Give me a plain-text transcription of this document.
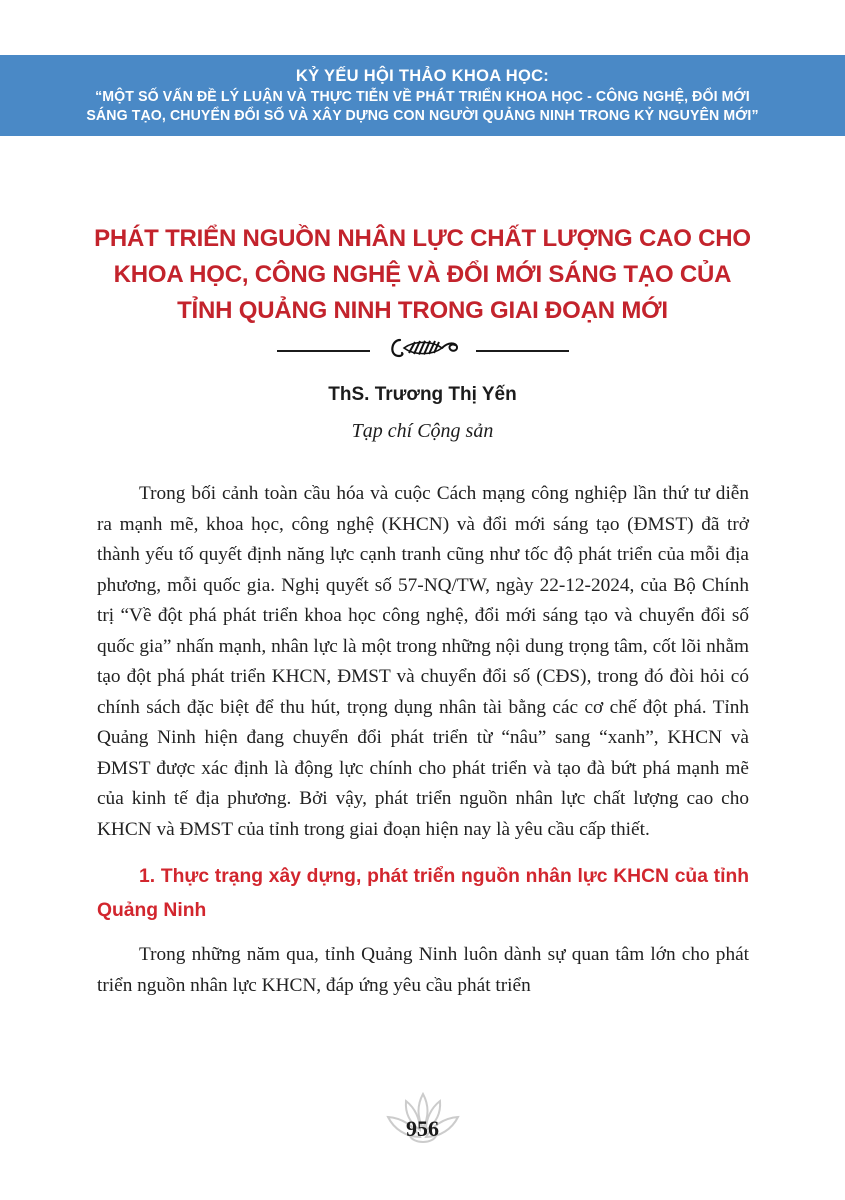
KỶ YẾU HỘI THẢO KHOA HỌC:
“MỘT SỐ VẤN ĐỀ LÝ LUẬN VÀ THỰC TIỄN VỀ PHÁT TRIỂN KHOA HỌC - CÔNG NGHỆ, ĐỔI MỚI
SÁNG TẠO, CHUYỂN ĐỔI SỐ VÀ XÂY DỰNG CON NGƯỜI QUẢNG NINH TRONG KỶ NGUYÊN MỚI”
PHÁT TRIỂN NGUỒN NHÂN LỰC CHẤT LƯỢNG CAO CHO
KHOA HỌC, CÔNG NGHỆ VÀ ĐỔI MỚI SÁNG TẠO CỦA
TỈNH QUẢNG NINH TRONG GIAI ĐOẠN MỚI
ThS. Trương Thị Yến
Tạp chí Cộng sản

Trong bối cảnh toàn cầu hóa và cuộc Cách mạng công nghiệp lần thứ tư diễn ra mạnh mẽ, khoa học, công nghệ (KHCN) và đổi mới sáng tạo (ĐMST) đã trở thành yếu tố quyết định năng lực cạnh tranh cũng như tốc độ phát triển của mỗi địa phương, mỗi quốc gia. Nghị quyết số 57-NQ/TW, ngày 22-12-2024, của Bộ Chính trị “Về đột phá phát triển khoa học công nghệ, đổi mới sáng tạo và chuyển đổi số quốc gia” nhấn mạnh, nhân lực là một trong những nội dung trọng tâm, cốt lõi nhằm tạo đột phá phát triển KHCN, ĐMST và chuyển đổi số (CĐS), trong đó đòi hỏi có chính sách đặc biệt để thu hút, trọng dụng nhân tài bằng các cơ chế đột phá. Tỉnh Quảng Ninh hiện đang chuyển đổi phát triển từ “nâu” sang “xanh”, KHCN và ĐMST được xác định là động lực chính cho phát triển và tạo đà bứt phá mạnh mẽ của kinh tế địa phương. Bởi vậy, phát triển nguồn nhân lực chất lượng cao cho KHCN và ĐMST của tỉnh trong giai đoạn hiện nay là yêu cầu cấp thiết.

1. Thực trạng xây dựng, phát triển nguồn nhân lực KHCN của tỉnh Quảng Ninh

Trong những năm qua, tỉnh Quảng Ninh luôn dành sự quan tâm lớn cho phát triển nguồn nhân lực KHCN, đáp ứng yêu cầu phát triển

956
